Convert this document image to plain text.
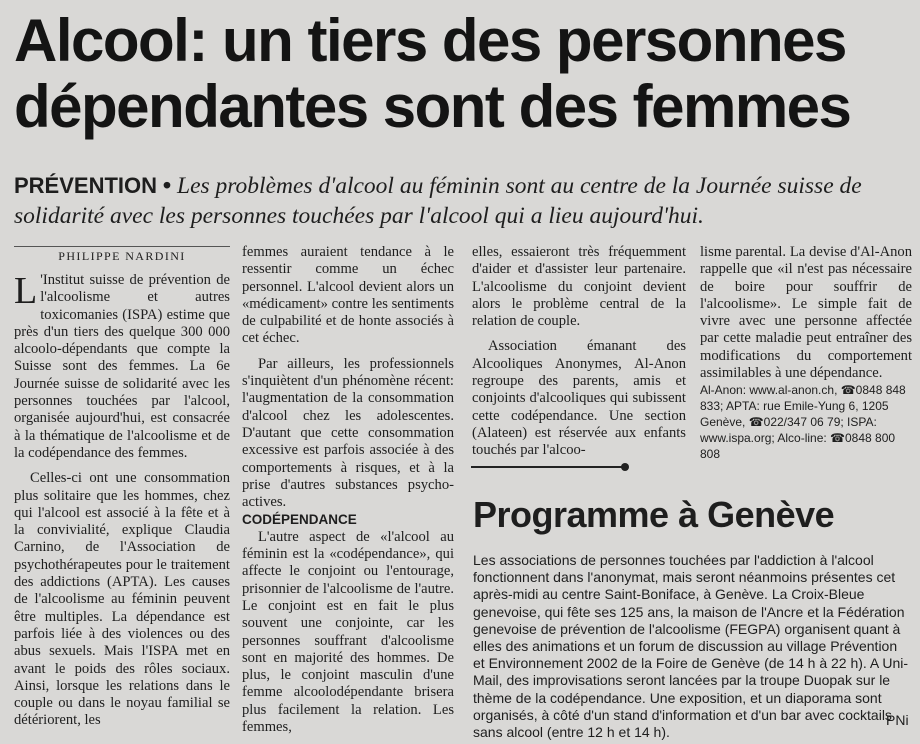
Alcool: un tiers des personnes dépendantes sont des femmes

PRÉVENTION • Les problèmes d'alcool au féminin sont au centre de la Journée suisse de solidarité avec les personnes touchées par l'alcool qui a lieu aujourd'hui.

PHILIPPE NARDINI

L 'Institut suisse de prévention de l'alcoolisme et autres toxicomanies (ISPA) estime que près d'un tiers des quelque 300 000 alcoolo-dépendants que compte la Suisse sont des femmes. La 6e Journée suisse de solidarité avec les personnes touchées par l'alcool, organisée aujourd'hui, est consacrée à la thématique de l'alcoolisme et de la codépendance des femmes.

Celles-ci ont une consommation plus solitaire que les hommes, chez qui l'alcool est associé à la fête et à la convivialité, explique Claudia Carnino, de l'Association de psychothérapeutes pour le traitement des addictions (APTA). Les causes de l'alcoolisme au féminin peuvent être multiples. La dépendance est parfois liée à des violences ou des abus sexuels. Mais l'ISPA met en avant le poids des rôles sociaux. Ainsi, lorsque les relations dans le couple ou dans le noyau familial se détériorent, les

femmes auraient tendance à le ressentir comme un échec personnel. L'alcool devient alors un «médicament» contre les sentiments de culpabilité et de honte associés à cet échec.

Par ailleurs, les professionnels s'inquiètent d'un phénomène récent: l'augmentation de la consommation d'alcool chez les adolescentes. D'autant que cette consommation excessive est parfois associée à des comportements à risques, et à la prise d'autres substances psycho-actives.

CODÉPENDANCE

L'autre aspect de «l'alcool au féminin est la «codépendance», qui affecte le conjoint ou l'entourage, prisonnier de l'alcoolisme de l'autre. Le conjoint est en fait le plus souvent une conjointe, car les personnes souffrant d'alcoolisme sont en majorité des hommes. De plus, le conjoint masculin d'une femme alcoolodépendante brisera plus facilement la relation. Les femmes,

elles, essaieront très fréquemment d'aider et d'assister leur partenaire. L'alcoolisme du conjoint devient alors le problème central de la relation de couple.

Association émanant des Alcooliques Anonymes, Al-Anon regroupe des parents, amis et conjoints d'alcooliques qui subissent cette codépendance. Une section (Alateen) est réservée aux enfants touchés par l'alcoo-

lisme parental. La devise d'Al-Anon rappelle que «il n'est pas nécessaire de boire pour souffrir de l'alcoolisme». Le simple fait de vivre avec une personne affectée par cette maladie peut entraîner des modifications du comportement assimilables à une dépendance.

Al-Anon: www.al-anon.ch, ☎0848 848 833; APTA: rue Emile-Yung 6, 1205 Genève, ☎022/347 06 79; ISPA: www.ispa.org; Alco-line: ☎0848 800 808

Programme à Genève

Les associations de personnes touchées par l'addiction à l'alcool fonctionnent dans l'anonymat, mais seront néanmoins présentes cet après-midi au centre Saint-Boniface, à Genève. La Croix-Bleue genevoise, qui fête ses 125 ans, la maison de l'Ancre et la Fédération genevoise de prévention de l'alcoolisme (FEGPA) organisent quant à elles des animations et un forum de discussion au village Prévention et Environnement 2002 de la Foire de Genève (de 14 h à 22 h). A Uni-Mail, des improvisations seront lancées par la troupe Duopak sur le thème de la codépendance. Une exposition, et un diaporama sont organisés, à côté d'un stand d'information et d'un bar avec cocktails sans alcool (entre 12 h et 14 h).

PNi
